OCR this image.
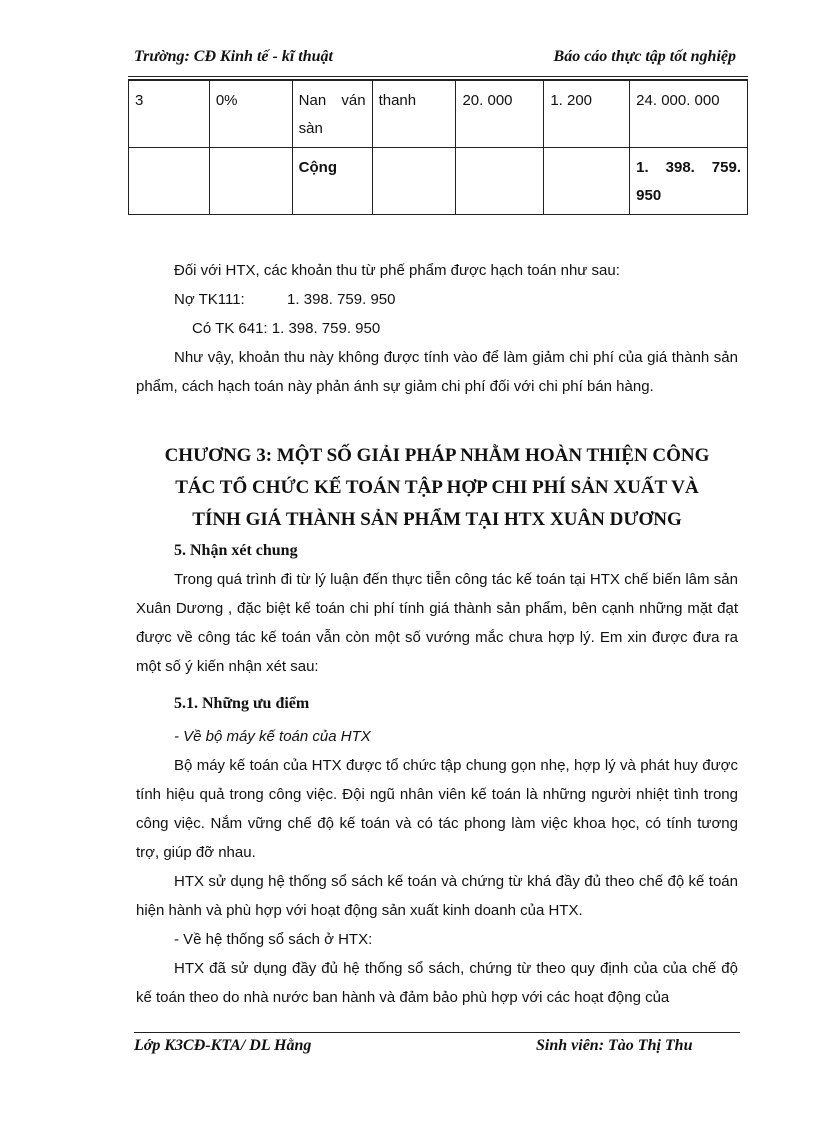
Trường: CĐ Kinh tế - kĩ thuật	Báo cáo thực tập tốt nghiệp
3	0%	Nan ván sàn	thanh	20. 000	1. 200	24. 000. 000
		Cộng				1. 398. 759. 950

Đối với HTX, các khoản thu từ phế phẩm được hạch toán như sau:

Nợ TK111:	1. 398. 759. 950

Có TK 641: 1. 398. 759. 950

Như vậy, khoản thu này không được tính vào để làm giảm chi phí của giá thành sản phẩm, cách hạch toán này phản ánh sự giảm chi phí đối với chi phí bán hàng.

CHƯƠNG 3: MỘT SỐ GIẢI PHÁP NHẰM HOÀN THIỆN CÔNG
TÁC TỔ CHỨC KẾ TOÁN TẬP HỢP CHI PHÍ SẢN XUẤT VÀ
TÍNH GIÁ THÀNH SẢN PHẨM TẠI HTX XUÂN DƯƠNG

5. Nhận xét chung

Trong quá trình đi từ lý luận đến thực tiễn công tác kế toán tại HTX chế biến lâm sản Xuân Dương , đặc biệt kế toán chi phí tính giá thành sản phẩm, bên cạnh những mặt đạt được về công tác kế toán vẫn còn một số vướng mắc chưa hợp lý. Em xin được đưa ra một số ý kiến nhận xét sau:

5.1. Những ưu điểm

- Về bộ máy kế toán của HTX

Bộ máy kế toán của HTX được tổ chức tập chung gọn nhẹ, hợp lý và phát huy được tính hiệu quả trong công việc. Đội ngũ nhân viên kế toán là những người nhiệt tình trong công việc. Nắm vững chế độ kế toán và có tác phong làm việc khoa học, có tính tương trợ, giúp đỡ nhau.

HTX sử dụng hệ thống sổ sách kế toán và chứng từ khá đầy đủ theo chế độ kế toán hiện hành và phù hợp với hoạt động sản xuất kinh doanh của HTX.

- Về hệ thống sổ sách ở HTX:

HTX đã sử dụng đầy đủ hệ thống sổ sách, chứng từ theo quy định của của chế độ kế toán theo do nhà nước ban hành và đảm bảo phù hợp với các hoạt động của

Lớp K3CĐ-KTA/ DL Hằng	Sinh viên: Tào Thị Thu
